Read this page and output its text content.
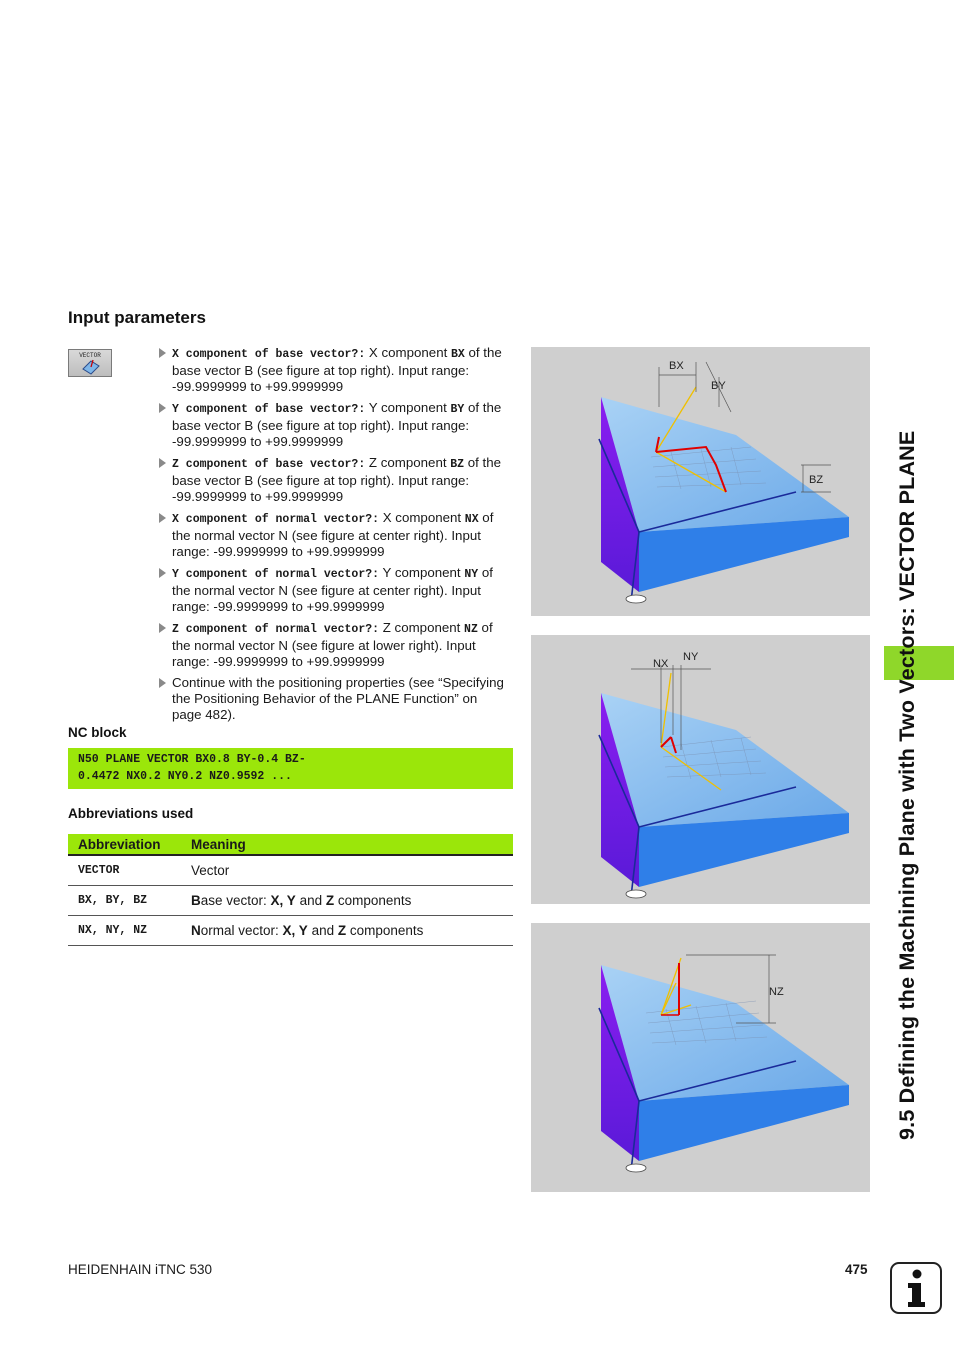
Input parameters
VECTOR	X component of base vector?: X component BX of the base vector B (see figure at top right). Input range: -99.9999999 to +99.9999999
Y component of base vector?: Y component BY of the base vector B (see figure at top right). Input range: -99.9999999 to +99.9999999
Z component of base vector?: Z component BZ of the base vector B (see figure at top right). Input range: -99.9999999 to +99.9999999
X component of normal vector?: X component NX of the normal vector N (see figure at center right). Input range: -99.9999999 to +99.9999999
Y component of normal vector?: Y component NY of the normal vector N (see figure at center right). Input range: -99.9999999 to +99.9999999
Z component of normal vector?: Z component NZ of the normal vector N (see figure at lower right). Input range: -99.9999999 to +99.9999999
Continue with the positioning properties (see “Specifying the Positioning Behavior of the PLANE Function” on page 482).
NC block
N50 PLANE VECTOR BX0.8 BY-0.4 BZ-
0.4472 NX0.2 NY0.2 NZ0.9592 ...
Abbreviations used
Abbreviation	Meaning
VECTOR	Vector
BX, BY, BZ	Base vector: X, Y and Z components
NX, NY, NZ	Normal vector: X, Y and Z components
BX
BY
BZ
NX
NY
NZ	9.5 Defining the Machining Plane with Two Vectors: VECTOR PLANE
HEIDENHAIN iTNC 530	475
